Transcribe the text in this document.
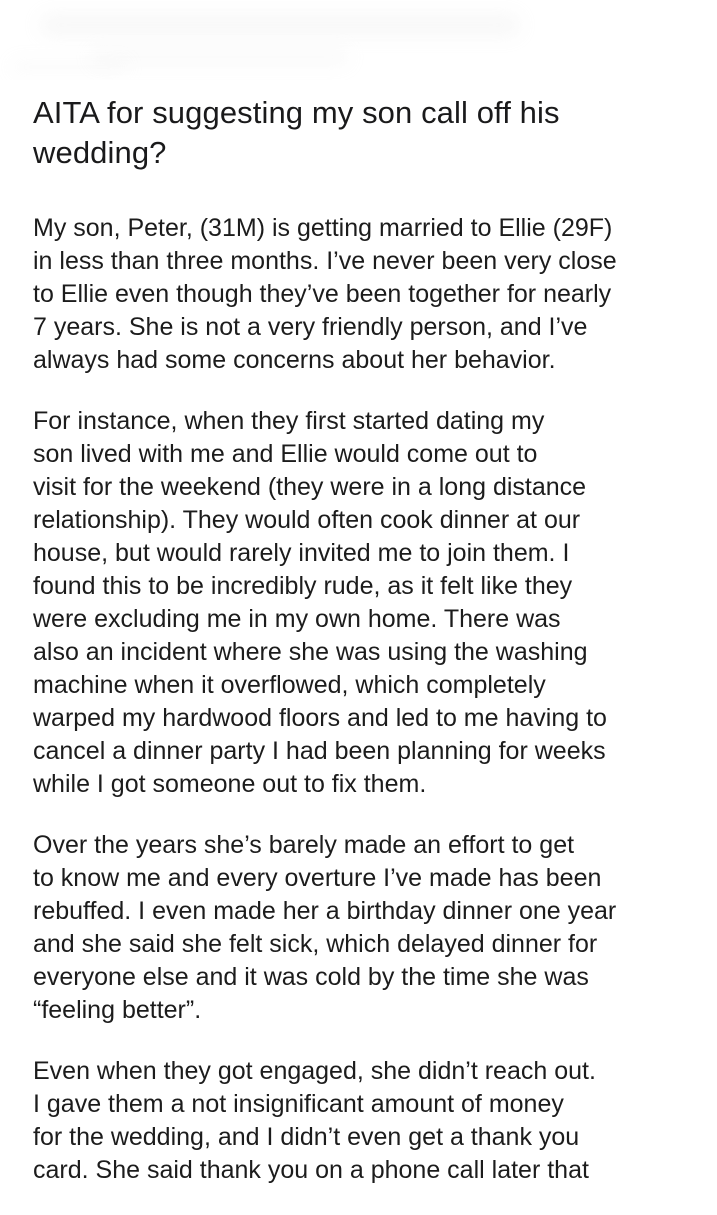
AITA for suggesting my son call off his wedding?

My son, Peter, (31M) is getting married to Ellie (29F)
in less than three months. I’ve never been very close
to Ellie even though they’ve been together for nearly
7 years. She is not a very friendly person, and I’ve
always had some concerns about her behavior.

For instance, when they first started dating my
son lived with me and Ellie would come out to
visit for the weekend (they were in a long distance
relationship). They would often cook dinner at our
house, but would rarely invited me to join them. I
found this to be incredibly rude, as it felt like they
were excluding me in my own home. There was
also an incident where she was using the washing
machine when it overflowed, which completely
warped my hardwood floors and led to me having to
cancel a dinner party I had been planning for weeks
while I got someone out to fix them.

Over the years she’s barely made an effort to get
to know me and every overture I’ve made has been
rebuffed. I even made her a birthday dinner one year
and she said she felt sick, which delayed dinner for
everyone else and it was cold by the time she was
“feeling better”.

Even when they got engaged, she didn’t reach out.
I gave them a not insignificant amount of money
for the wedding, and I didn’t even get a thank you
card. She said thank you on a phone call later that
